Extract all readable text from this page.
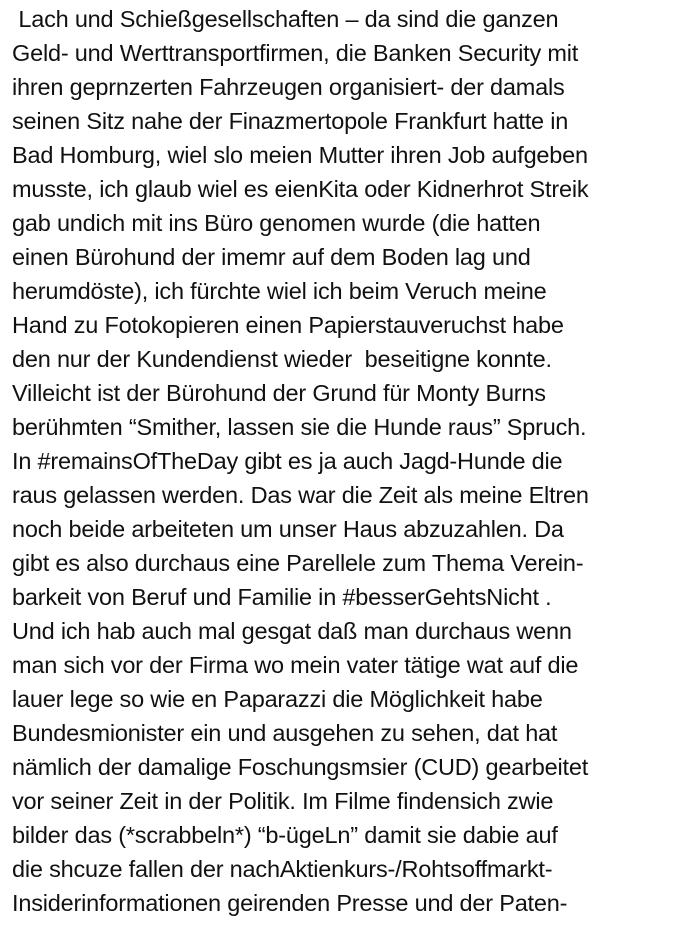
Lach und Schießgesellschaften – da sind die ganzen
Geld- und Werttransportfirmen, die Banken Security mit
ihren geprnzerten Fahrzeugen organisiert- der damals
seinen Sitz nahe der Finazmertopole Frankfurt hatte in
Bad Homburg, wiel slo meien Mutter ihren Job aufgeben
musste, ich glaub wiel es eienKita oder Kidnerhrot Streik
gab undich mit ins Büro genomen wurde (die hatten
einen Bürohund der imemr auf dem Boden lag und
herumdöste), ich fürchte wiel ich beim Veruch meine
Hand zu Fotokopieren einen Papierstauveruchst habe
den nur der Kundendienst wieder  beseitigne konnte.
Villeicht ist der Bürohund der Grund für Monty Burns
berühmten “Smither, lassen sie die Hunde raus” Spruch.
In #remainsOfTheDay gibt es ja auch Jagd-Hunde die
raus gelassen werden. Das war die Zeit als meine Eltren
noch beide arbeiteten um unser Haus abzuzahlen. Da
gibt es also durchaus eine Parellele zum Thema Verein-
barkeit von Beruf und Familie in #besserGehtsNicht .
Und ich hab auch mal gesgat daß man durchaus wenn
man sich vor der Firma wo mein vater tätige wat auf die
lauer lege so wie en Paparazzi die Möglichkeit habe
Bundesmionister ein und ausgehen zu sehen, dat hat
nämlich der damalige Foschungsmsier (CUD) gearbeitet
vor seiner Zeit in der Politik. Im Filme findensich zwie
bilder das (*scrabbeln*) “b-ügeLn” damit sie dabie auf
die shcuze fallen der nachAktienkurs-/Rohtsoffmarkt-
Insiderinformationen geirenden Presse und der Paten-
